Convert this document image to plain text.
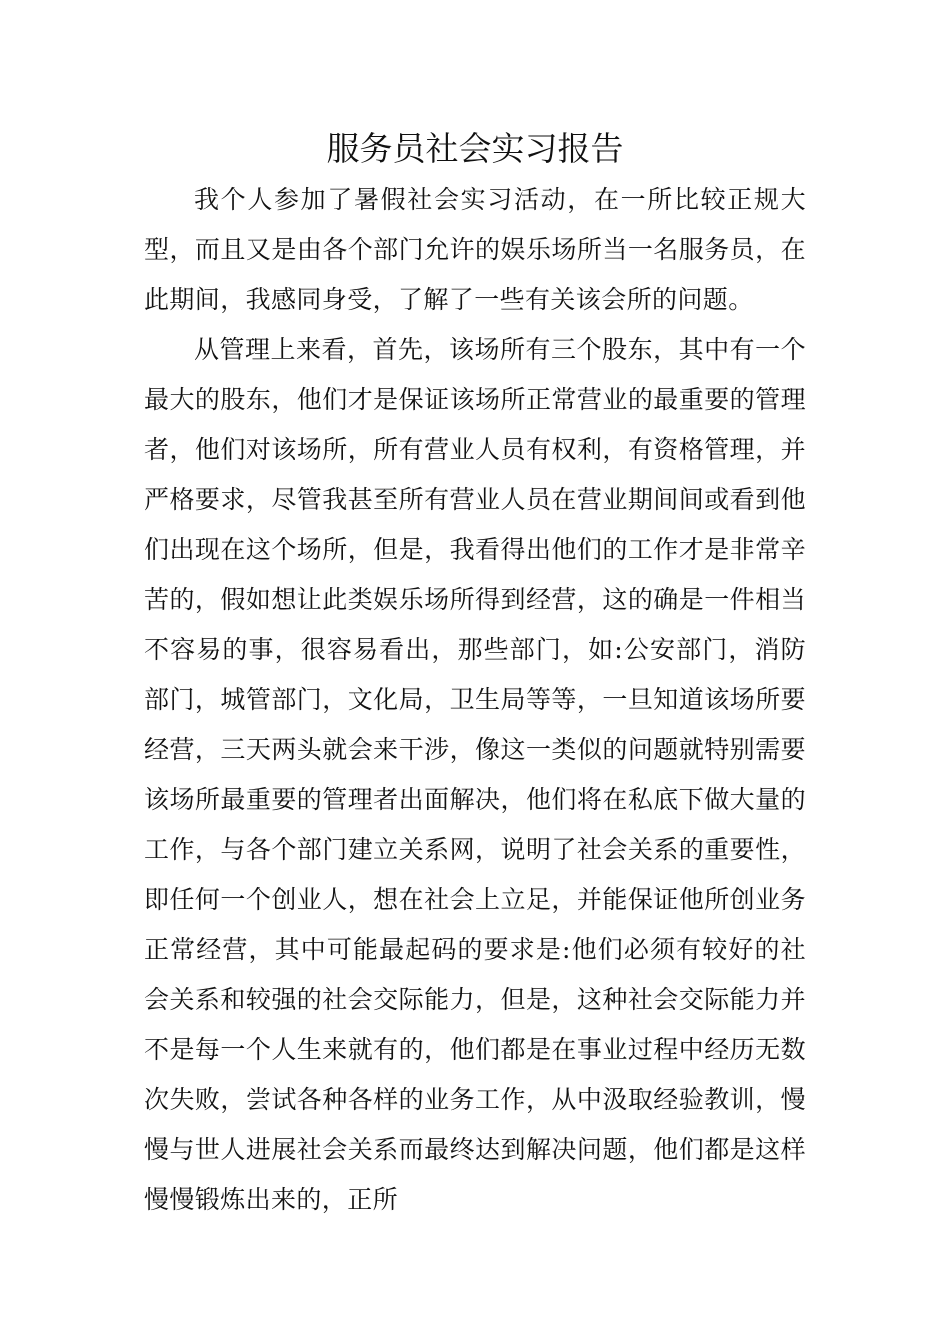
服务员社会实习报告

我个人参加了暑假社会实习活动，在一所比较正规大型，而且又是由各个部门允许的娱乐场所当一名服务员，在此期间，我感同身受，了解了一些有关该会所的问题。

从管理上来看，首先，该场所有三个股东，其中有一个最大的股东，他们才是保证该场所正常营业的最重要的管理者，他们对该场所，所有营业人员有权利，有资格管理，并严格要求，尽管我甚至所有营业人员在营业期间间或看到他们出现在这个场所，但是，我看得出他们的工作才是非常辛苦的，假如想让此类娱乐场所得到经营，这的确是一件相当不容易的事，很容易看出，那些部门，如:公安部门，消防部门，城管部门，文化局，卫生局等等，一旦知道该场所要经营，三天两头就会来干涉，像这一类似的问题就特别需要该场所最重要的管理者出面解决，他们将在私底下做大量的工作，与各个部门建立关系网，说明了社会关系的重要性，即任何一个创业人，想在社会上立足，并能保证他所创业务正常经营，其中可能最起码的要求是:他们必须有较好的社会关系和较强的社会交际能力，但是，这种社会交际能力并不是每一个人生来就有的，他们都是在事业过程中经历无数次失败，尝试各种各样的业务工作，从中汲取经验教训，慢慢与世人进展社会关系而最终达到解决问题，他们都是这样慢慢锻炼出来的，正所
